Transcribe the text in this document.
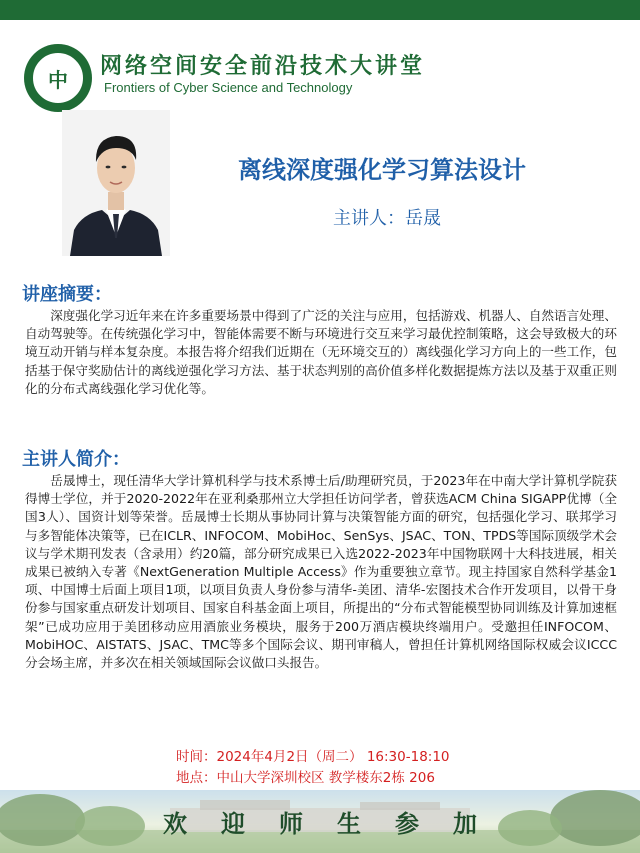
中
网络空间安全前沿技术大讲堂
Frontiers of Cyber Science and Technology
离线深度强化学习算法设计
主讲人：岳晟
讲座摘要：
深度强化学习近年来在许多重要场景中得到了广泛的关注与应用，包括游戏、机器人、自然语言处理、自动驾驶等。在传统强化学习中，智能体需要不断与环境进行交互来学习最优控制策略，这会导致极大的环境互动开销与样本复杂度。本报告将介绍我们近期在（无环境交互的）离线强化学习方向上的一些工作，包括基于保守奖励估计的离线逆强化学习方法、基于状态判别的高价值多样化数据提炼方法以及基于双重正则化的分布式离线强化学习优化等。
主讲人简介：
岳晟博士，现任清华大学计算机科学与技术系博士后/助理研究员，于2023年在中南大学计算机学院获得博士学位，并于2020-2022年在亚利桑那州立大学担任访问学者，曾获选ACM China SIGAPP优博（全国3人）、国资计划等荣誉。岳晟博士长期从事协同计算与决策智能方面的研究，包括强化学习、联邦学习与多智能体决策等，已在ICLR、INFOCOM、MobiHoc、SenSys、JSAC、TON、TPDS等国际顶级学术会议与学术期刊发表（含录用）约20篇，部分研究成果已入选2022-2023年中国物联网十大科技进展，相关成果已被纳入专著《NextGeneration Multiple Access》作为重要独立章节。现主持国家自然科学基金1项、中国博士后面上项目1项，以项目负责人身份参与清华-美团、清华-宏图技术合作开发项目，以骨干身份参与国家重点研发计划项目、国家自科基金面上项目，所提出的“分布式智能模型协同训练及计算加速框架”已成功应用于美团移动应用酒旅业务模块，服务于200万酒店模块终端用户。受邀担任INFOCOM、MobiHOC、AISTATS、JSAC、TMC等多个国际会议、期刊审稿人，曾担任计算机网络国际权威会议ICCC分会场主席，并多次在相关领域国际会议做口头报告。
时间：2024年4月2日（周二） 16:30-18:10
地点：中山大学深圳校区 教学楼东2栋 206
欢迎师生参加
